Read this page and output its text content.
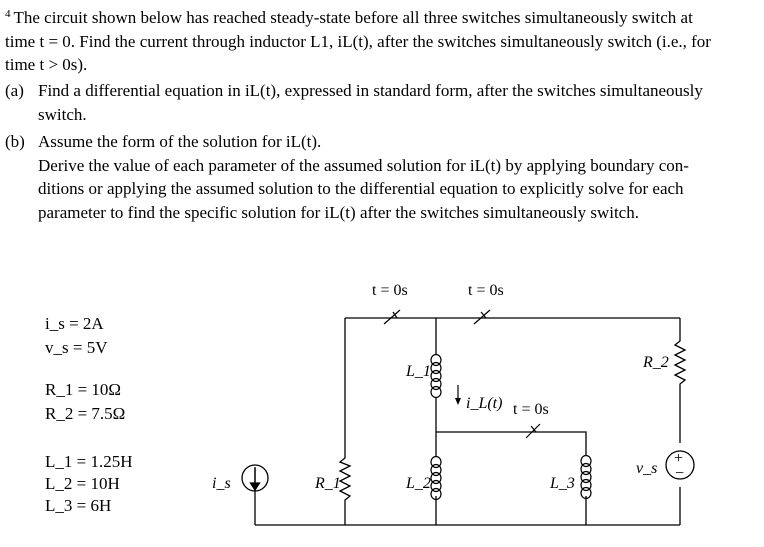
$^4$ The circuit shown below has reached steady-state before all three switches simultaneously switch at
time t = 0. Find the current through inductor L1, iL(t), after the switches simultaneously switch (i.e., for
time t > 0s).
(a) Find a differential equation in iL(t), expressed in standard form, after the switches simultaneously
switch.
(b) Assume the form of the solution for iL(t).
Derive the value of each parameter of the assumed solution for iL(t) by applying boundary con-
ditions or applying the assumed solution to the differential equation to explicitly solve for each
parameter to find the specific solution for iL(t) after the switches simultaneously switch.
i_s = 2A
v_s = 5V
R_1 = 10Ω
R_2 = 7.5Ω
L_1 = 1.25H
L_2 = 10H
L_3 = 6H
t = 0s	t = 0s
t = 0s
i_s	R_1
L_1
i_L(t)
L_2	L_3
R_2
v_s
+
−
